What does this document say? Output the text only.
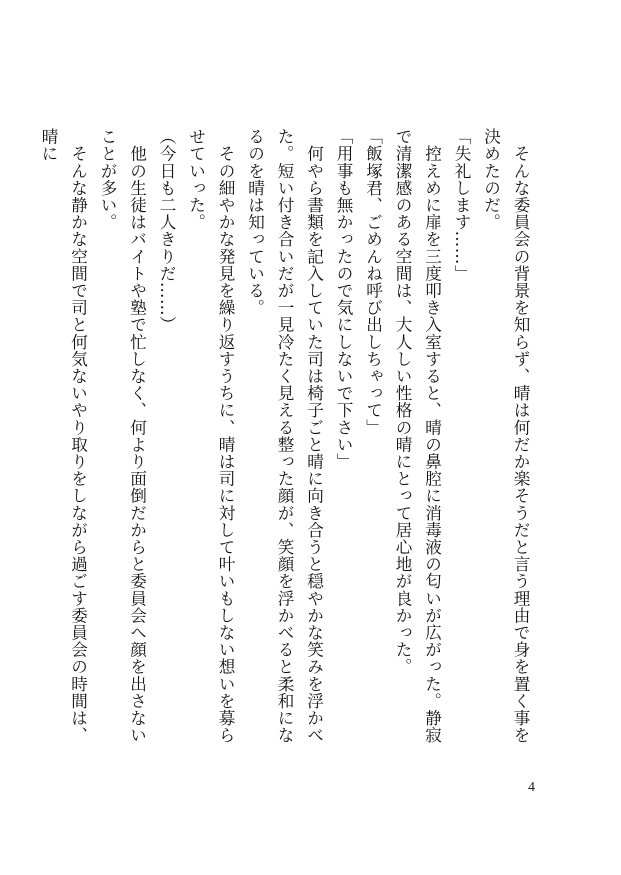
　そんな委員会の背景を知らず、晴は何だか楽そうだと言う理由で身を置く事を決めたのだ。

「失礼します……」

　控えめに扉を三度叩き入室すると、晴の鼻腔に消毒液の匂いが広がった。静寂で清潔感のある空間は、大人しい性格の晴にとって居心地が良かった。

「飯塚君、ごめんね呼び出しちゃって」

「用事も無かったので気にしないで下さい」

　何やら書類を記入していた司は椅子ごと晴に向き合うと穏やかな笑みを浮かべた。短い付き合いだが一見冷たく見える整った顔が、笑顔を浮かべると柔和になるのを晴は知っている。

　その細やかな発見を繰り返すうちに、晴は司に対して叶いもしない想いを募らせていった。

（今日も二人きりだ……）

　他の生徒はバイトや塾で忙しなく、何より面倒だからと委員会へ顔を出さないことが多い。

　そんな静かな空間で司と何気ないやり取りをしながら過ごす委員会の時間は、晴に

4
